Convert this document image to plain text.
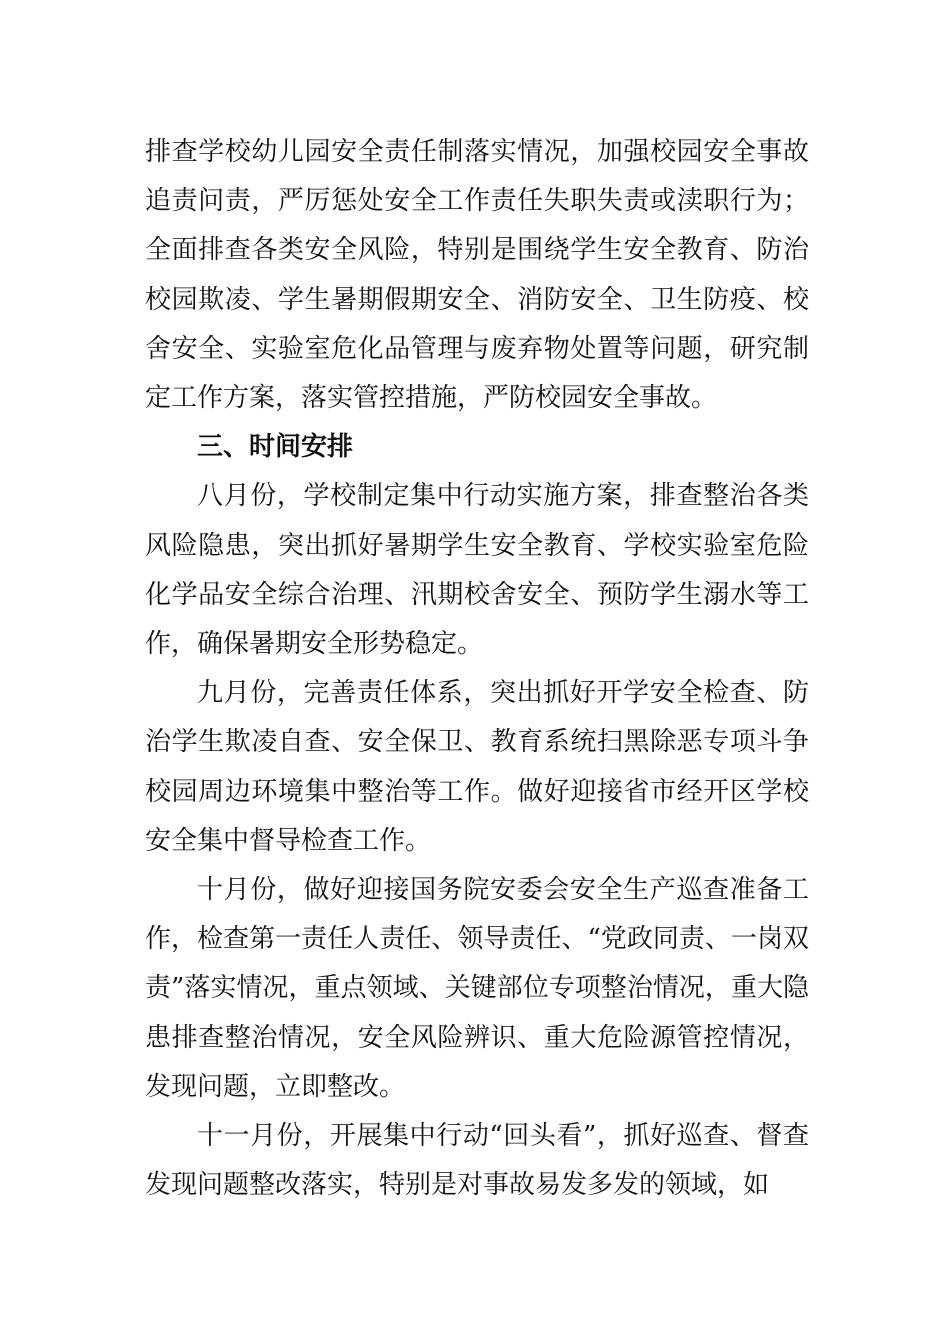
排查学校幼儿园安全责任制落实情况，加强校园安全事故追责问责，严厉惩处安全工作责任失职失责或渎职行为；全面排查各类安全风险，特别是围绕学生安全教育、防治校园欺凌、学生暑期假期安全、消防安全、卫生防疫、校舍安全、实验室危化品管理与废弃物处置等问题，研究制定工作方案，落实管控措施，严防校园安全事故。

三、时间安排

八月份，学校制定集中行动实施方案，排查整治各类风险隐患，突出抓好暑期学生安全教育、学校实验室危险化学品安全综合治理、汛期校舍安全、预防学生溺水等工作，确保暑期安全形势稳定。

九月份，完善责任体系，突出抓好开学安全检查、防治学生欺凌自查、安全保卫、教育系统扫黑除恶专项斗争校园周边环境集中整治等工作。做好迎接省市经开区学校安全集中督导检查工作。

十月份，做好迎接国务院安委会安全生产巡查准备工作，检查第一责任人责任、领导责任、“党政同责、一岗双责”落实情况，重点领域、关键部位专项整治情况，重大隐患排查整治情况，安全风险辨识、重大危险源管控情况，发现问题，立即整改。

十一月份，开展集中行动“回头看”，抓好巡查、督查发现问题整改落实，特别是对事故易发多发的领域，如
